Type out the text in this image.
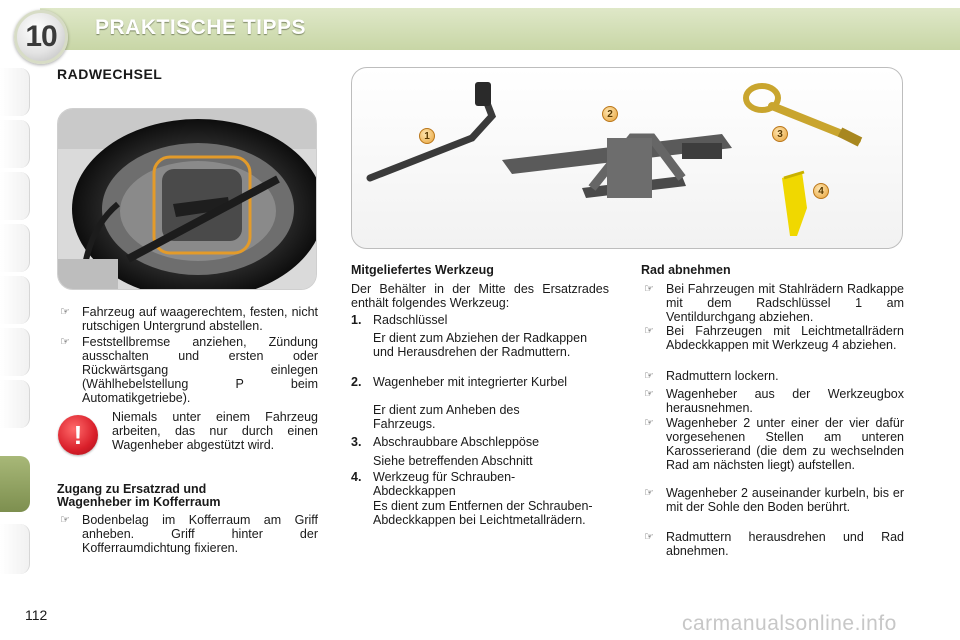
10	PRAKTISCHE TIPPS
RADWECHSEL
1
2
3
4
☞ Fahrzeug auf waagerechtem, festen, nicht rutschigen Untergrund abstellen.
☞ Feststellbremse anziehen, Zündung ausschalten und ersten oder Rückwärtsgang einlegen (Wählhebelstellung P beim Automatikgetriebe).
!
Niemals unter einem Fahrzeug arbeiten, das nur durch einen Wagenheber abgestützt wird.
Zugang zu Ersatzrad und
Wagenheber im Kofferraum
☞ Bodenbelag im Kofferraum am Griff anheben. Griff hinter der Kofferraumdichtung fixieren.
Mitgeliefertes Werkzeug
Der Behälter in der Mitte des Ersatzrades enthält folgendes Werkzeug:
1. Radschlüssel
Er dient zum Abziehen der Radkappen und Herausdrehen der Radmuttern.
2. Wagenheber mit integrierter Kurbel
Er dient zum Anheben des Fahrzeugs.
3. Abschraubbare Abschleppöse
Siehe betreffenden Abschnitt
4. Werkzeug für Schrauben-Abdeckkappen
Es dient zum Entfernen der Schrauben-Abdeckkappen bei Leichtmetallrädern.
Rad abnehmen
☞ Bei Fahrzeugen mit Stahlrädern Radkappe mit dem Radschlüssel 1 am Ventildurchgang abziehen.
☞ Bei Fahrzeugen mit Leichtmetallrädern Abdeckkappen mit Werkzeug 4 abziehen.
☞ Radmuttern lockern.
☞ Wagenheber aus der Werkzeugbox herausnehmen.
☞ Wagenheber 2 unter einer der vier dafür vorgesehenen Stellen am unteren Karosserierand (die dem zu wechselnden Rad am nächsten liegt) aufstellen.
☞ Wagenheber 2 auseinander kurbeln, bis er mit der Sohle den Boden berührt.
☞ Radmuttern herausdrehen und Rad abnehmen.
112	carmanualsonline.info
